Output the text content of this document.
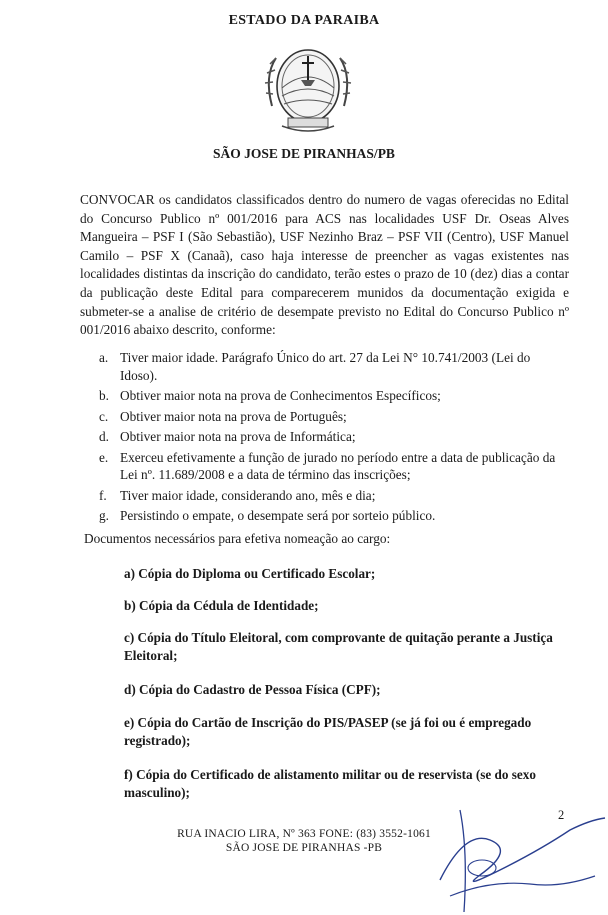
ESTADO DA PARAIBA
SÃO JOSE DE PIRANHAS/PB

CONVOCAR os candidatos classificados dentro do numero de vagas oferecidas no Edital do Concurso Publico nº 001/2016 para ACS nas localidades USF Dr. Oseas Alves Mangueira – PSF I (São Sebastião), USF Nezinho Braz – PSF VII (Centro), USF Manuel Camilo – PSF X (Canaã), caso haja interesse de preencher as vagas existentes nas localidades distintas da inscrição do candidato, terão estes o prazo de 10 (dez) dias a contar da publicação deste Edital para comparecerem munidos da documentação exigida e submeter-se a analise de critério de desempate previsto no Edital do Concurso Publico nº 001/2016 abaixo descrito, conforme:

a. Tiver maior idade. Parágrafo Único do art. 27 da Lei N° 10.741/2003 (Lei do Idoso).
b. Obtiver maior nota na prova de Conhecimentos Específicos;
c. Obtiver maior nota na prova de Português;
d. Obtiver maior nota na prova de Informática;
e. Exerceu efetivamente a função de jurado no período entre a data de publicação da Lei nº. 11.689/2008 e a data de término das inscrições;
f. Tiver maior idade, considerando ano, mês e dia;
g. Persistindo o empate, o desempate será por sorteio público.

Documentos necessários para efetiva nomeação ao cargo:

a) Cópia do Diploma ou Certificado Escolar;

b) Cópia da Cédula de Identidade;

c) Cópia do Título Eleitoral, com comprovante de quitação perante a Justiça Eleitoral;

d) Cópia do Cadastro de Pessoa Física (CPF);

e) Cópia do Cartão de Inscrição do PIS/PASEP (se já foi ou é empregado registrado);

f) Cópia do Certificado de alistamento militar ou de reservista (se do sexo masculino);

2
RUA INACIO LIRA, Nº 363 FONE: (83) 3552-1061
SÃO JOSE DE PIRANHAS -PB
